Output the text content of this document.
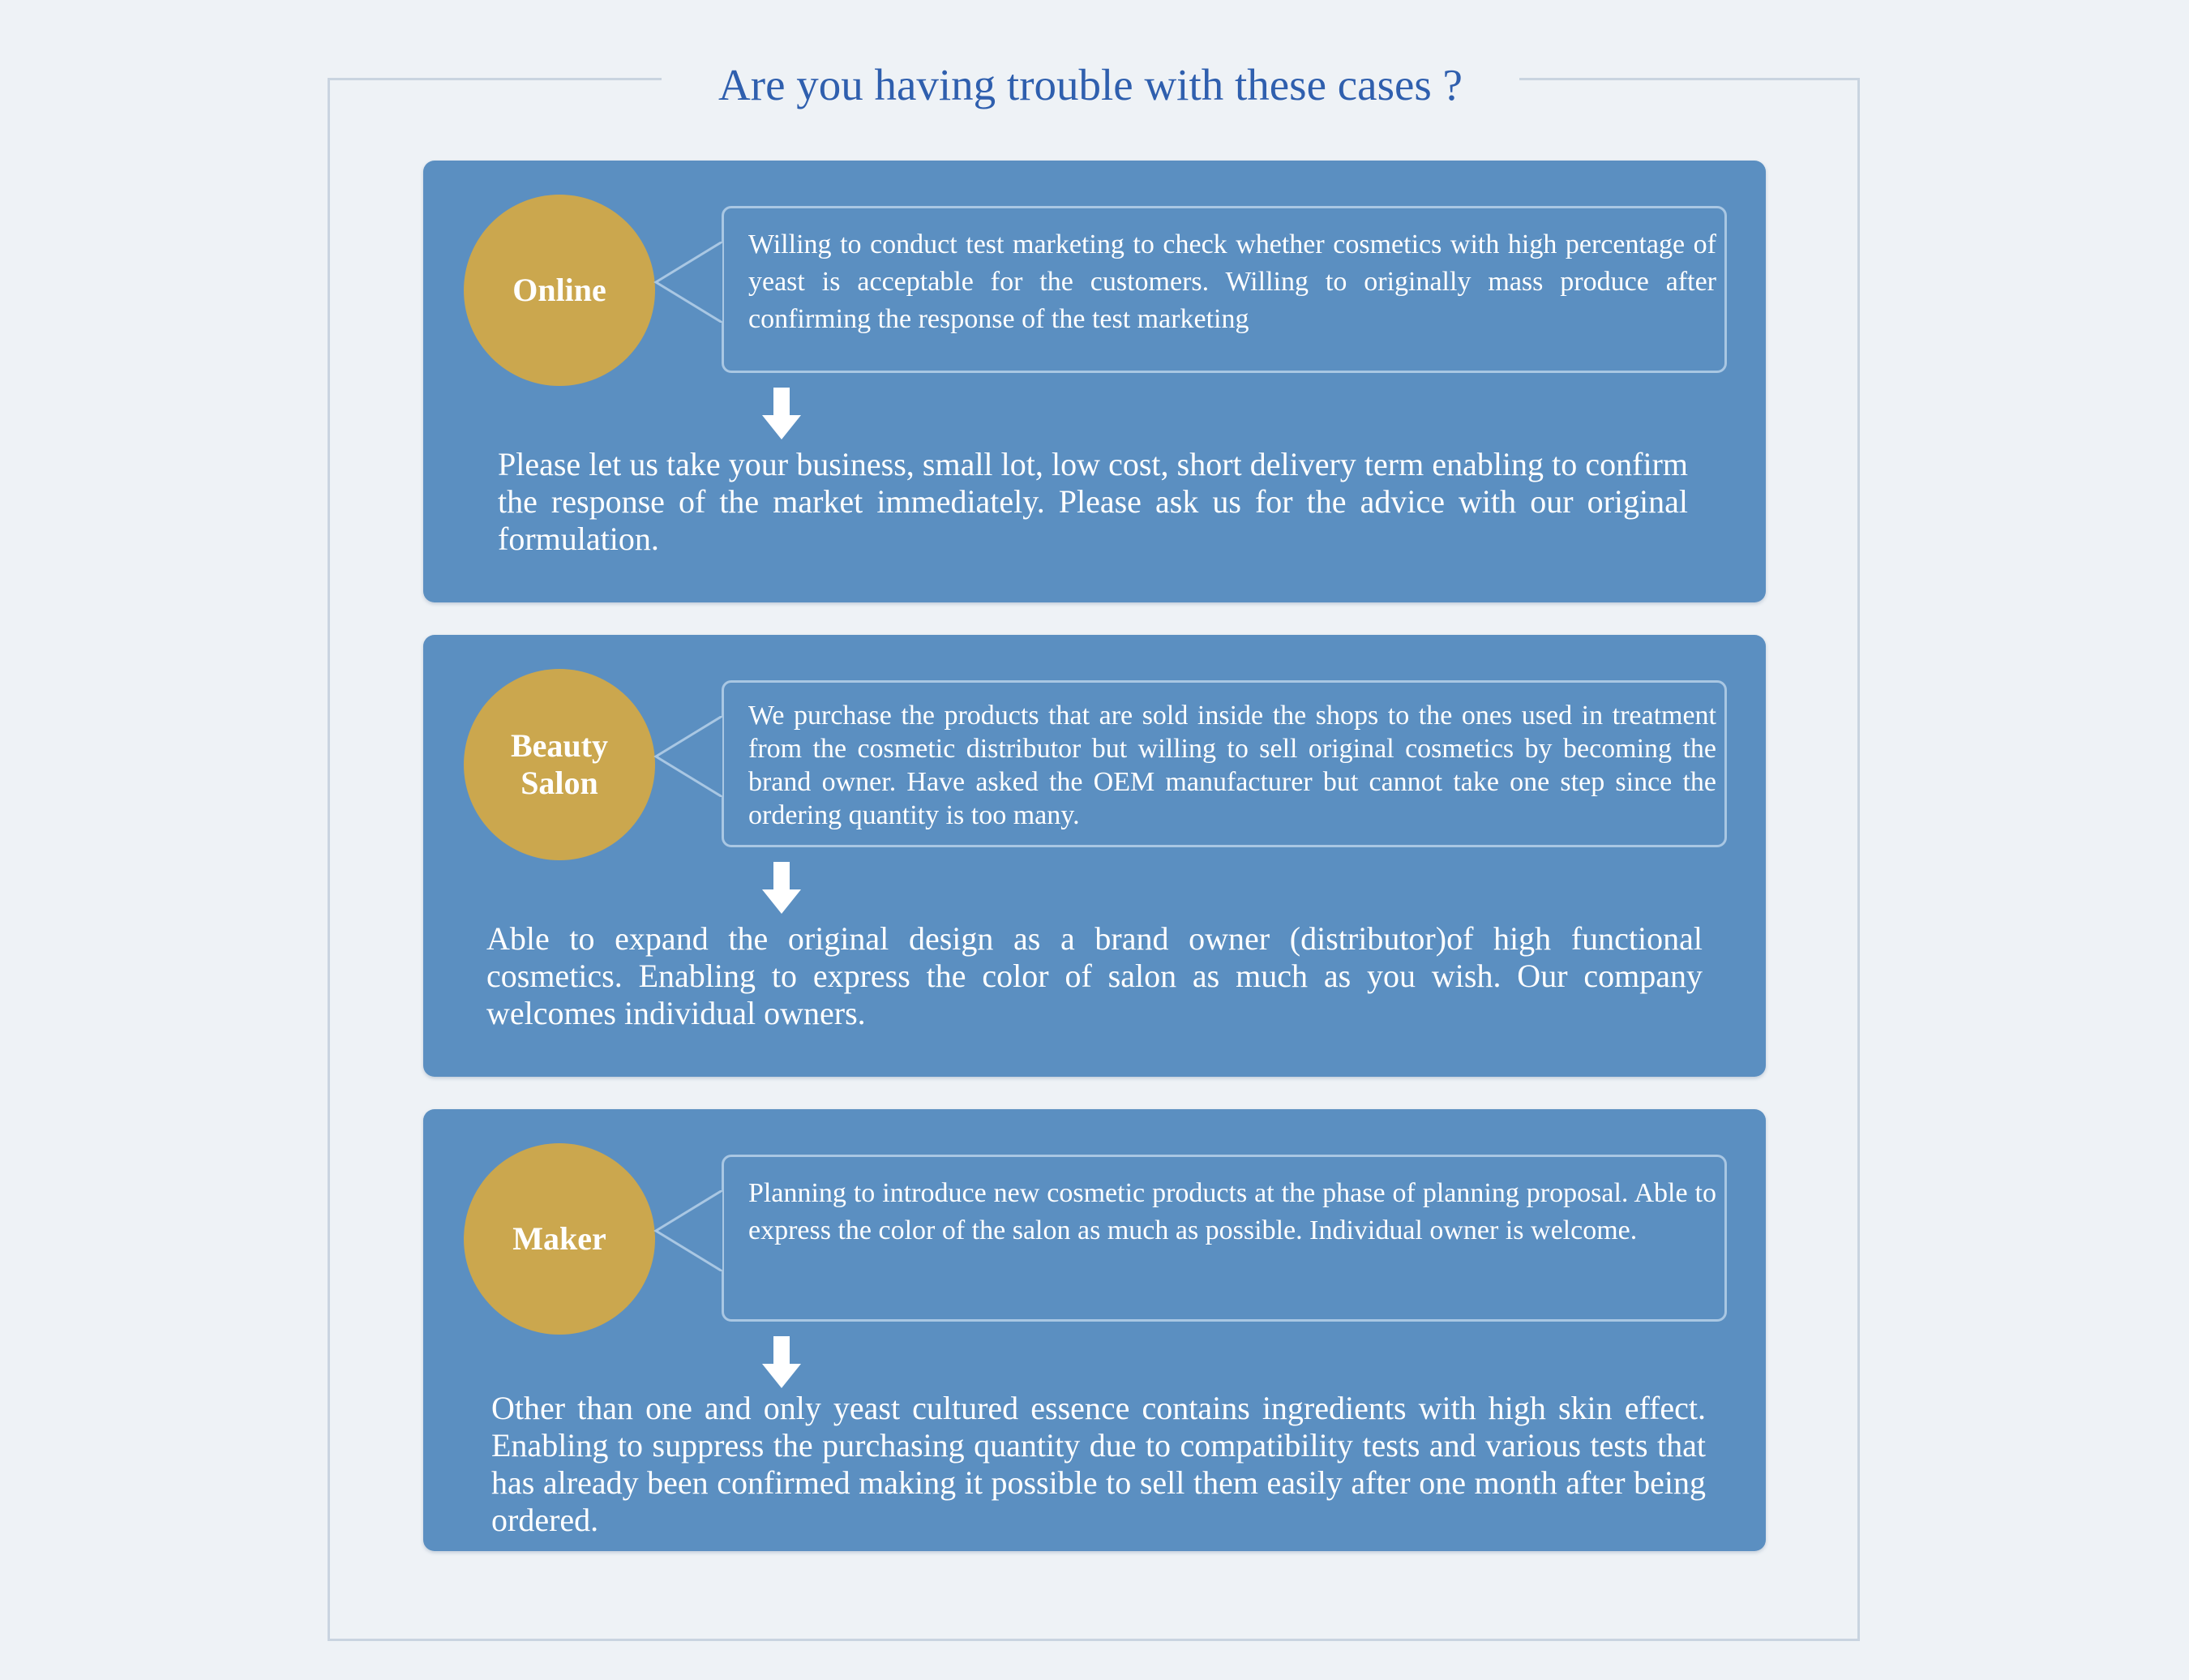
Are you having trouble with these cases ?
Online
Willing to conduct test marketing to check whether cosmetics with high percentage of yeast is acceptable for the customers. Willing to originally mass produce after confirming the response of the test marketing
Please let us take your business, small lot, low cost, short delivery term enabling to confirm the response of the market immediately. Please ask us for the advice with our original formulation.
Beauty
Salon
We purchase the products that are sold inside the shops to the ones used in treatment from the cosmetic distributor but willing to sell original cosmetics by becoming the brand owner. Have asked the OEM manufacturer but cannot take one step since the ordering quantity is too many.
Able to expand the original design as a brand owner (distributor)of high functional cosmetics. Enabling to express the color of salon as much as you wish. Our company welcomes individual owners.
Maker
Planning to introduce new cosmetic products at the phase of planning proposal. Able to express the color of the salon as much as possible. Individual owner is welcome.
Other than one and only yeast cultured essence contains ingredients with high skin effect. Enabling to suppress the purchasing quantity due to compatibility tests and various tests that has already been confirmed making it possible to sell them easily after one month after being ordered.
